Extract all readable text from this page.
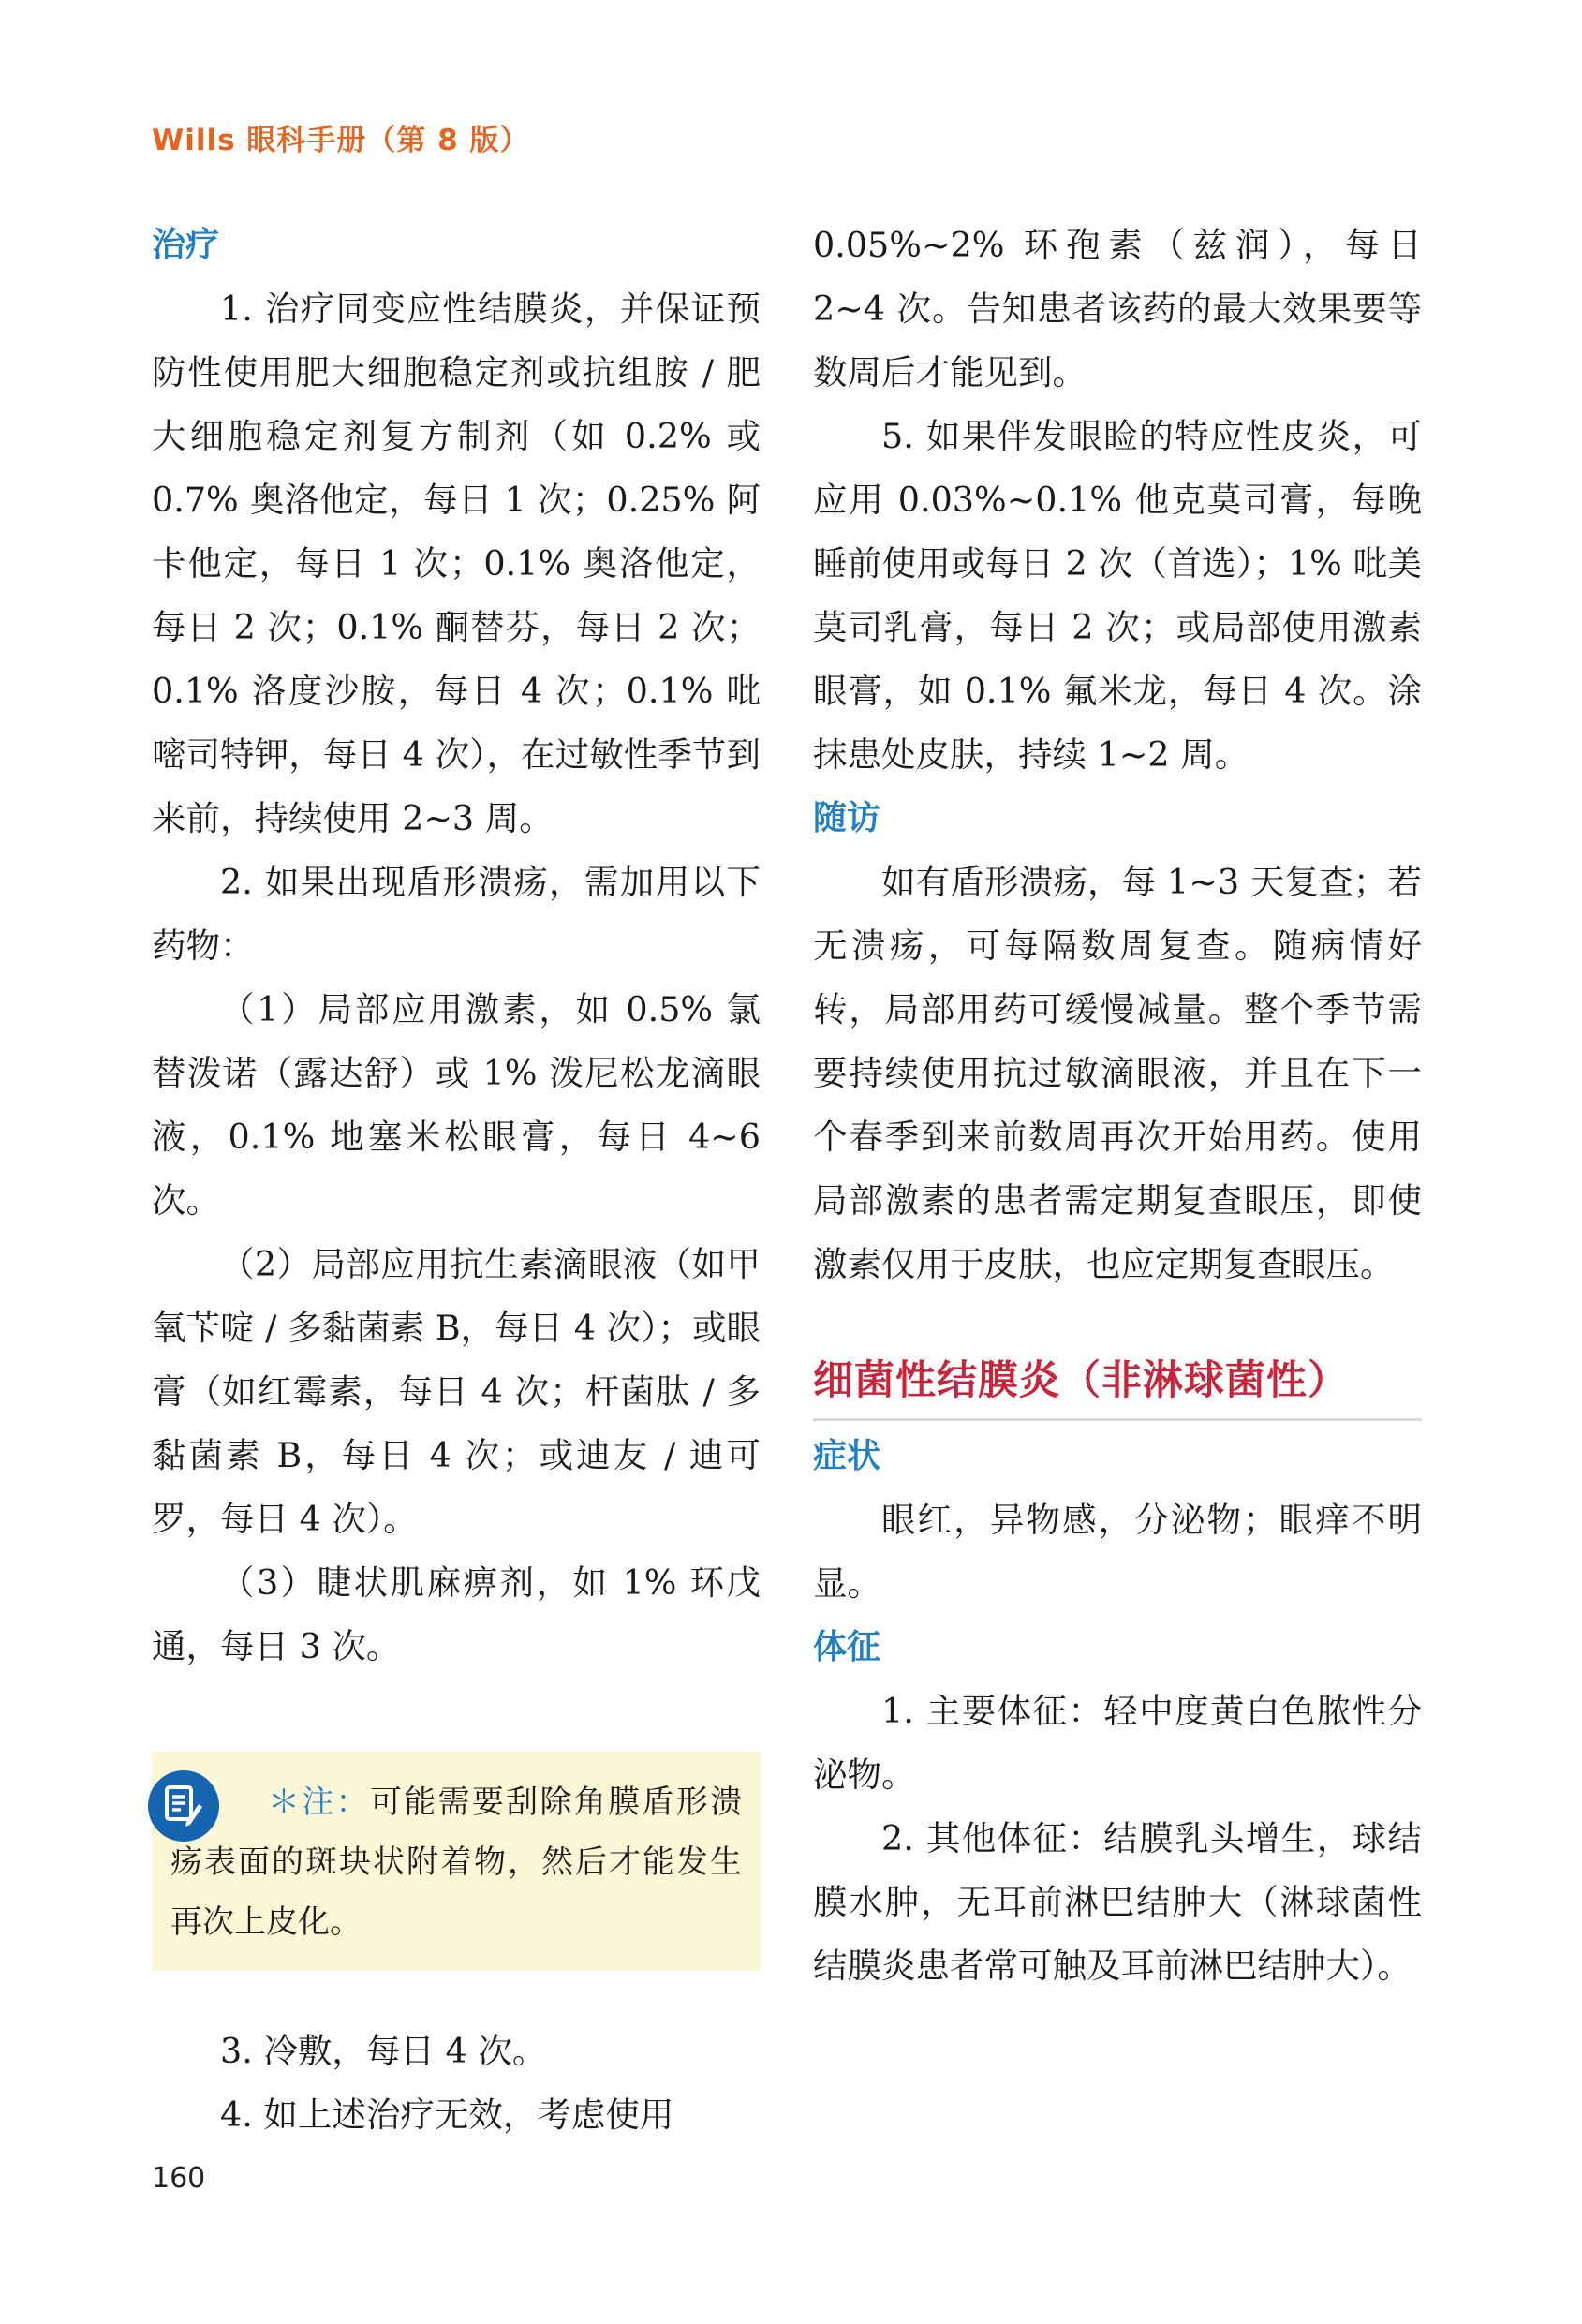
Wills 眼科手册（第 8 版）
治疗

1. 治疗同变应性结膜炎，并保证预防性使用肥大细胞稳定剂或抗组胺 / 肥大细胞稳定剂复方制剂（如 0.2% 或 0.7% 奥洛他定，每日 1 次；0.25% 阿卡他定，每日 1 次；0.1% 奥洛他定，每日 2 次；0.1% 酮替芬，每日 2 次；0.1% 洛度沙胺，每日 4 次；0.1% 吡嘧司特钾，每日 4 次），在过敏性季节到来前，持续使用 2~3 周。

2. 如果出现盾形溃疡，需加用以下药物：

（1）局部应用激素，如 0.5% 氯替泼诺（露达舒）或 1% 泼尼松龙滴眼液，0.1% 地塞米松眼膏，每日 4~6 次。

（2）局部应用抗生素滴眼液（如甲氧苄啶 / 多黏菌素 B，每日 4 次）；或眼膏（如红霉素，每日 4 次；杆菌肽 / 多黏菌素 B，每日 4 次；或迪友 / 迪可罗，每日 4 次）。

（3）睫状肌麻痹剂，如 1% 环戊通，每日 3 次。

＊注：可能需要刮除角膜盾形溃疡表面的斑块状附着物，然后才能发生再次上皮化。

3. 冷敷，每日 4 次。

4. 如上述治疗无效，考虑使用

0.05%~2% 环孢素（兹润），每日 2~4 次。告知患者该药的最大效果要等数周后才能见到。

5. 如果伴发眼睑的特应性皮炎，可应用 0.03%~0.1% 他克莫司膏，每晚睡前使用或每日 2 次（首选）；1% 吡美莫司乳膏，每日 2 次；或局部使用激素眼膏，如 0.1% 氟米龙，每日 4 次。涂抹患处皮肤，持续 1~2 周。

随访

如有盾形溃疡，每 1~3 天复查；若无溃疡，可每隔数周复查。随病情好转，局部用药可缓慢减量。整个季节需要持续使用抗过敏滴眼液，并且在下一个春季到来前数周再次开始用药。使用局部激素的患者需定期复查眼压，即使激素仅用于皮肤，也应定期复查眼压。

细菌性结膜炎（非淋球菌性）
症状

眼红，异物感，分泌物；眼痒不明显。

体征

1. 主要体征：轻中度黄白色脓性分泌物。

2. 其他体征：结膜乳头增生，球结膜水肿，无耳前淋巴结肿大（淋球菌性结膜炎患者常可触及耳前淋巴结肿大）。

160
